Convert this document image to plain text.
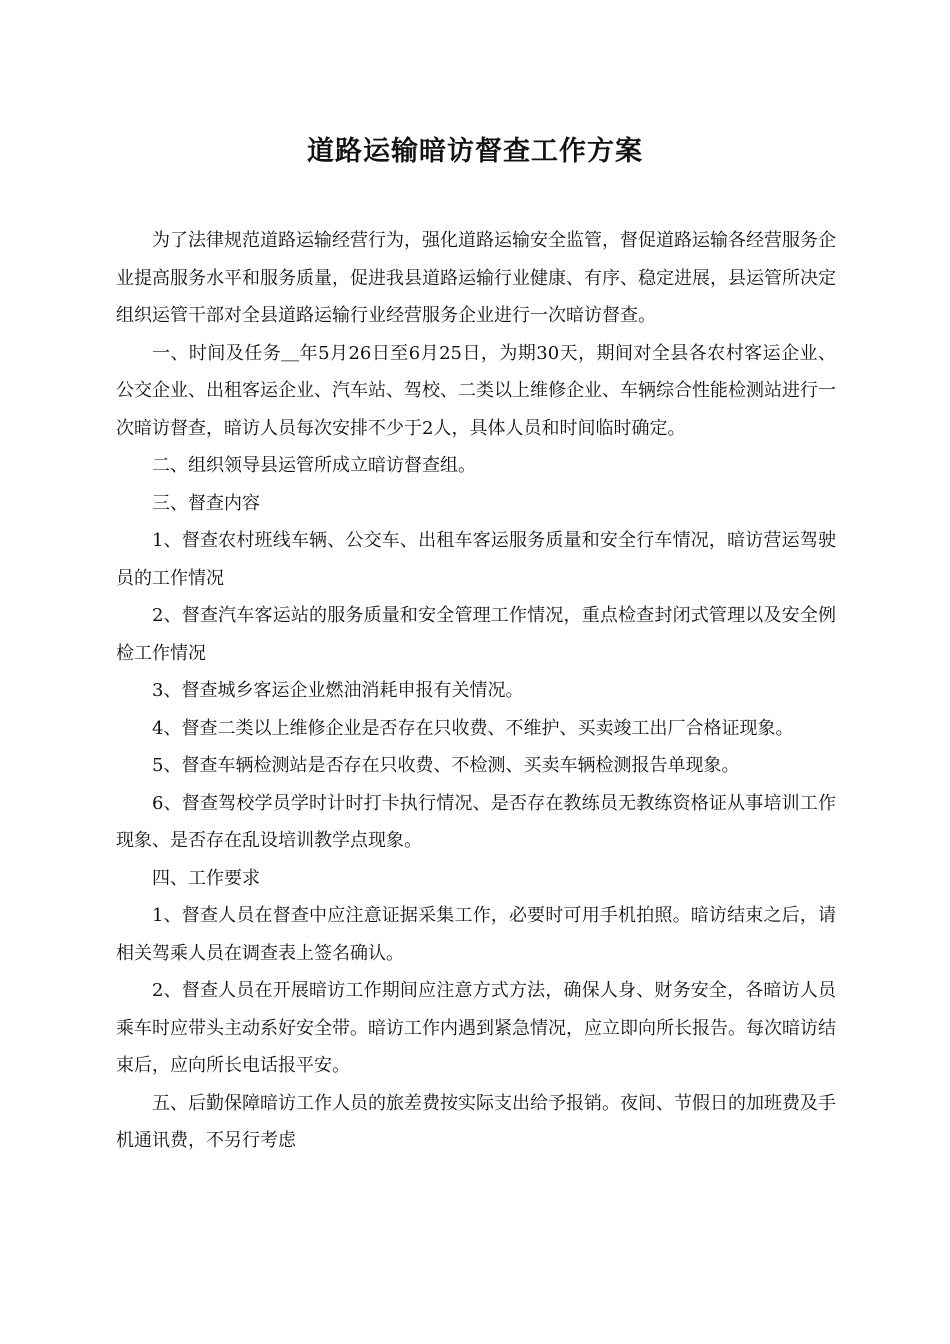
道路运输暗访督查工作方案

为了法律规范道路运输经营行为，强化道路运输安全监管，督促道路运输各经营服务企业提高服务水平和服务质量，促进我县道路运输行业健康、有序、稳定进展，县运管所决定组织运管干部对全县道路运输行业经营服务企业进行一次暗访督查。

一、时间及任务＿年5月26日至6月25日，为期30天，期间对全县各农村客运企业、公交企业、出租客运企业、汽车站、驾校、二类以上维修企业、车辆综合性能检测站进行一次暗访督查，暗访人员每次安排不少于2人，具体人员和时间临时确定。

二、组织领导县运管所成立暗访督查组。

三、督查内容

1、督查农村班线车辆、公交车、出租车客运服务质量和安全行车情况，暗访营运驾驶员的工作情况

2、督查汽车客运站的服务质量和安全管理工作情况，重点检查封闭式管理以及安全例检工作情况

3、督查城乡客运企业燃油消耗申报有关情况。

4、督查二类以上维修企业是否存在只收费、不维护、买卖竣工出厂合格证现象。

5、督查车辆检测站是否存在只收费、不检测、买卖车辆检测报告单现象。

6、督查驾校学员学时计时打卡执行情况、是否存在教练员无教练资格证从事培训工作现象、是否存在乱设培训教学点现象。

四、工作要求

1、督查人员在督查中应注意证据采集工作，必要时可用手机拍照。暗访结束之后，请相关驾乘人员在调查表上签名确认。

2、督查人员在开展暗访工作期间应注意方式方法，确保人身、财务安全，各暗访人员乘车时应带头主动系好安全带。暗访工作内遇到紧急情况，应立即向所长报告。每次暗访结束后，应向所长电话报平安。

五、后勤保障暗访工作人员的旅差费按实际支出给予报销。夜间、节假日的加班费及手机通讯费，不另行考虑
